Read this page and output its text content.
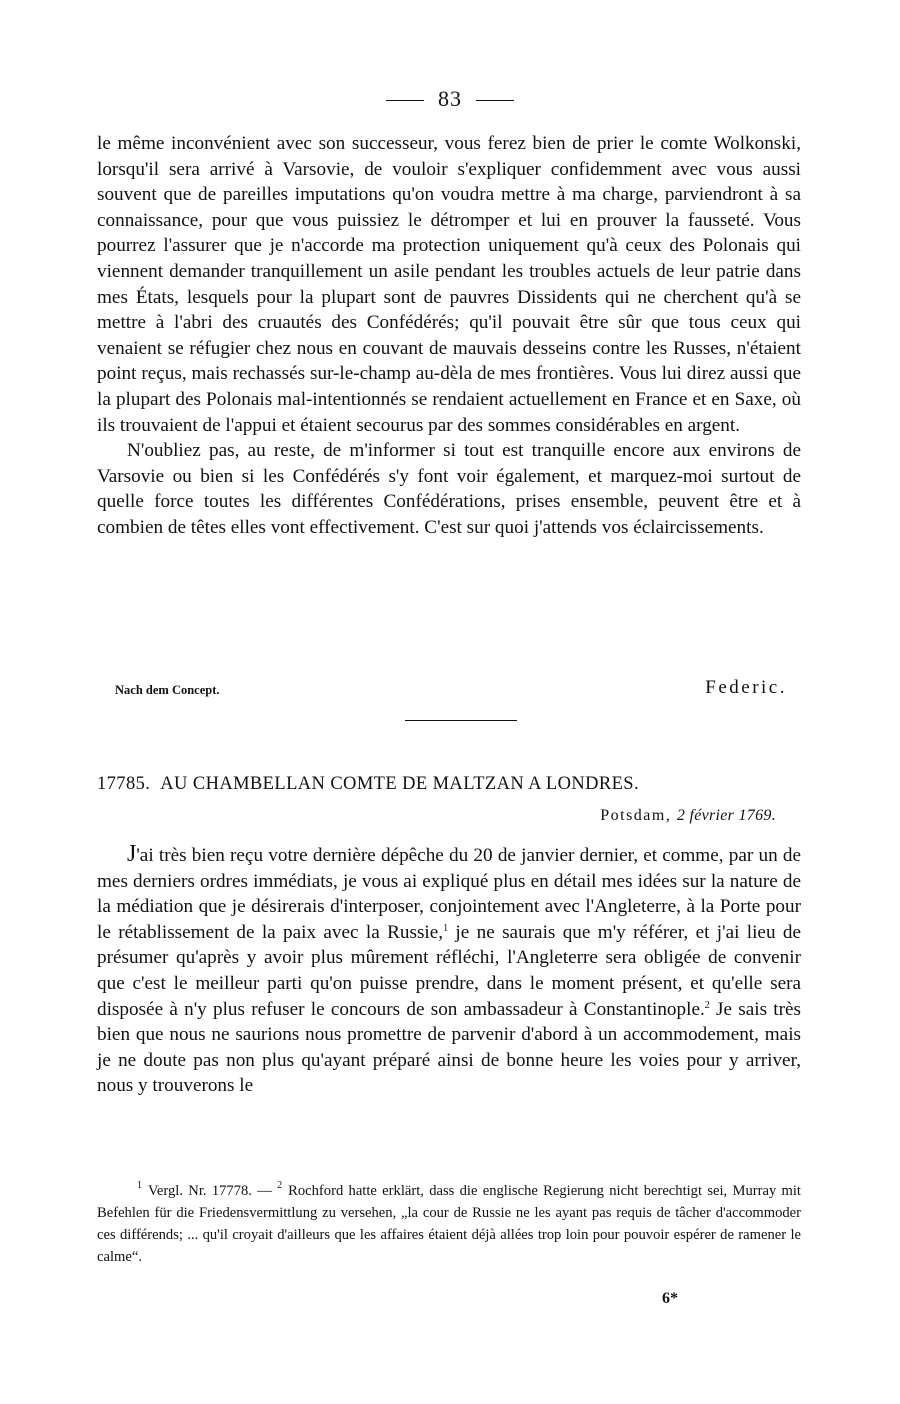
83

le même inconvénient avec son successeur, vous ferez bien de prier le comte Wolkonski, lorsqu'il sera arrivé à Varsovie, de vouloir s'expliquer confidemment avec vous aussi souvent que de pareilles imputations qu'on voudra mettre à ma charge, parviendront à sa connaissance, pour que vous puissiez le détromper et lui en prouver la fausseté. Vous pourrez l'assurer que je n'accorde ma protection uniquement qu'à ceux des Polonais qui viennent demander tranquillement un asile pendant les troubles actuels de leur patrie dans mes États, lesquels pour la plupart sont de pauvres Dissidents qui ne cherchent qu'à se mettre à l'abri des cruautés des Confédérés; qu'il pouvait être sûr que tous ceux qui venaient se réfugier chez nous en couvant de mauvais desseins contre les Russes, n'étaient point reçus, mais rechassés sur-le-champ au-dèla de mes frontières. Vous lui direz aussi que la plupart des Polonais mal-intentionnés se rendaient actuellement en France et en Saxe, où ils trouvaient de l'appui et étaient secourus par des sommes considérables en argent.

N'oubliez pas, au reste, de m'informer si tout est tranquille encore aux environs de Varsovie ou bien si les Confédérés s'y font voir également, et marquez-moi surtout de quelle force toutes les différentes Confédérations, prises ensemble, peuvent être et à combien de têtes elles vont effectivement. C'est sur quoi j'attends vos éclaircissements.

Nach dem Concept.	Federic.
17785. AU CHAMBELLAN COMTE DE MALTZAN A LONDRES.
Potsdam, 2 février 1769.

J'ai très bien reçu votre dernière dépêche du 20 de janvier dernier, et comme, par un de mes derniers ordres immédiats, je vous ai expliqué plus en détail mes idées sur la nature de la médiation que je désirerais d'interposer, conjointement avec l'Angleterre, à la Porte pour le rétablissement de la paix avec la Russie,$^1$ je ne saurais que m'y référer, et j'ai lieu de présumer qu'après y avoir plus mûrement réfléchi, l'Angleterre sera obligée de convenir que c'est le meilleur parti qu'on puisse prendre, dans le moment présent, et qu'elle sera disposée à n'y plus refuser le concours de son ambassadeur à Constantinople.$^2$ Je sais très bien que nous ne saurions nous promettre de parvenir d'abord à un accommodement, mais je ne doute pas non plus qu'ayant préparé ainsi de bonne heure les voies pour y arriver, nous y trouverons le

$^1$ Vergl. Nr. 17778. — $^2$ Rochford hatte erklärt, dass die englische Regierung nicht berechtigt sei, Murray mit Befehlen für die Friedensvermittlung zu versehen, „la cour de Russie ne les ayant pas requis de tâcher d'accommoder ces différends; ... qu'il croyait d'ailleurs que les affaires étaient déjà allées trop loin pour pouvoir espérer de ramener le calme“.

6*
